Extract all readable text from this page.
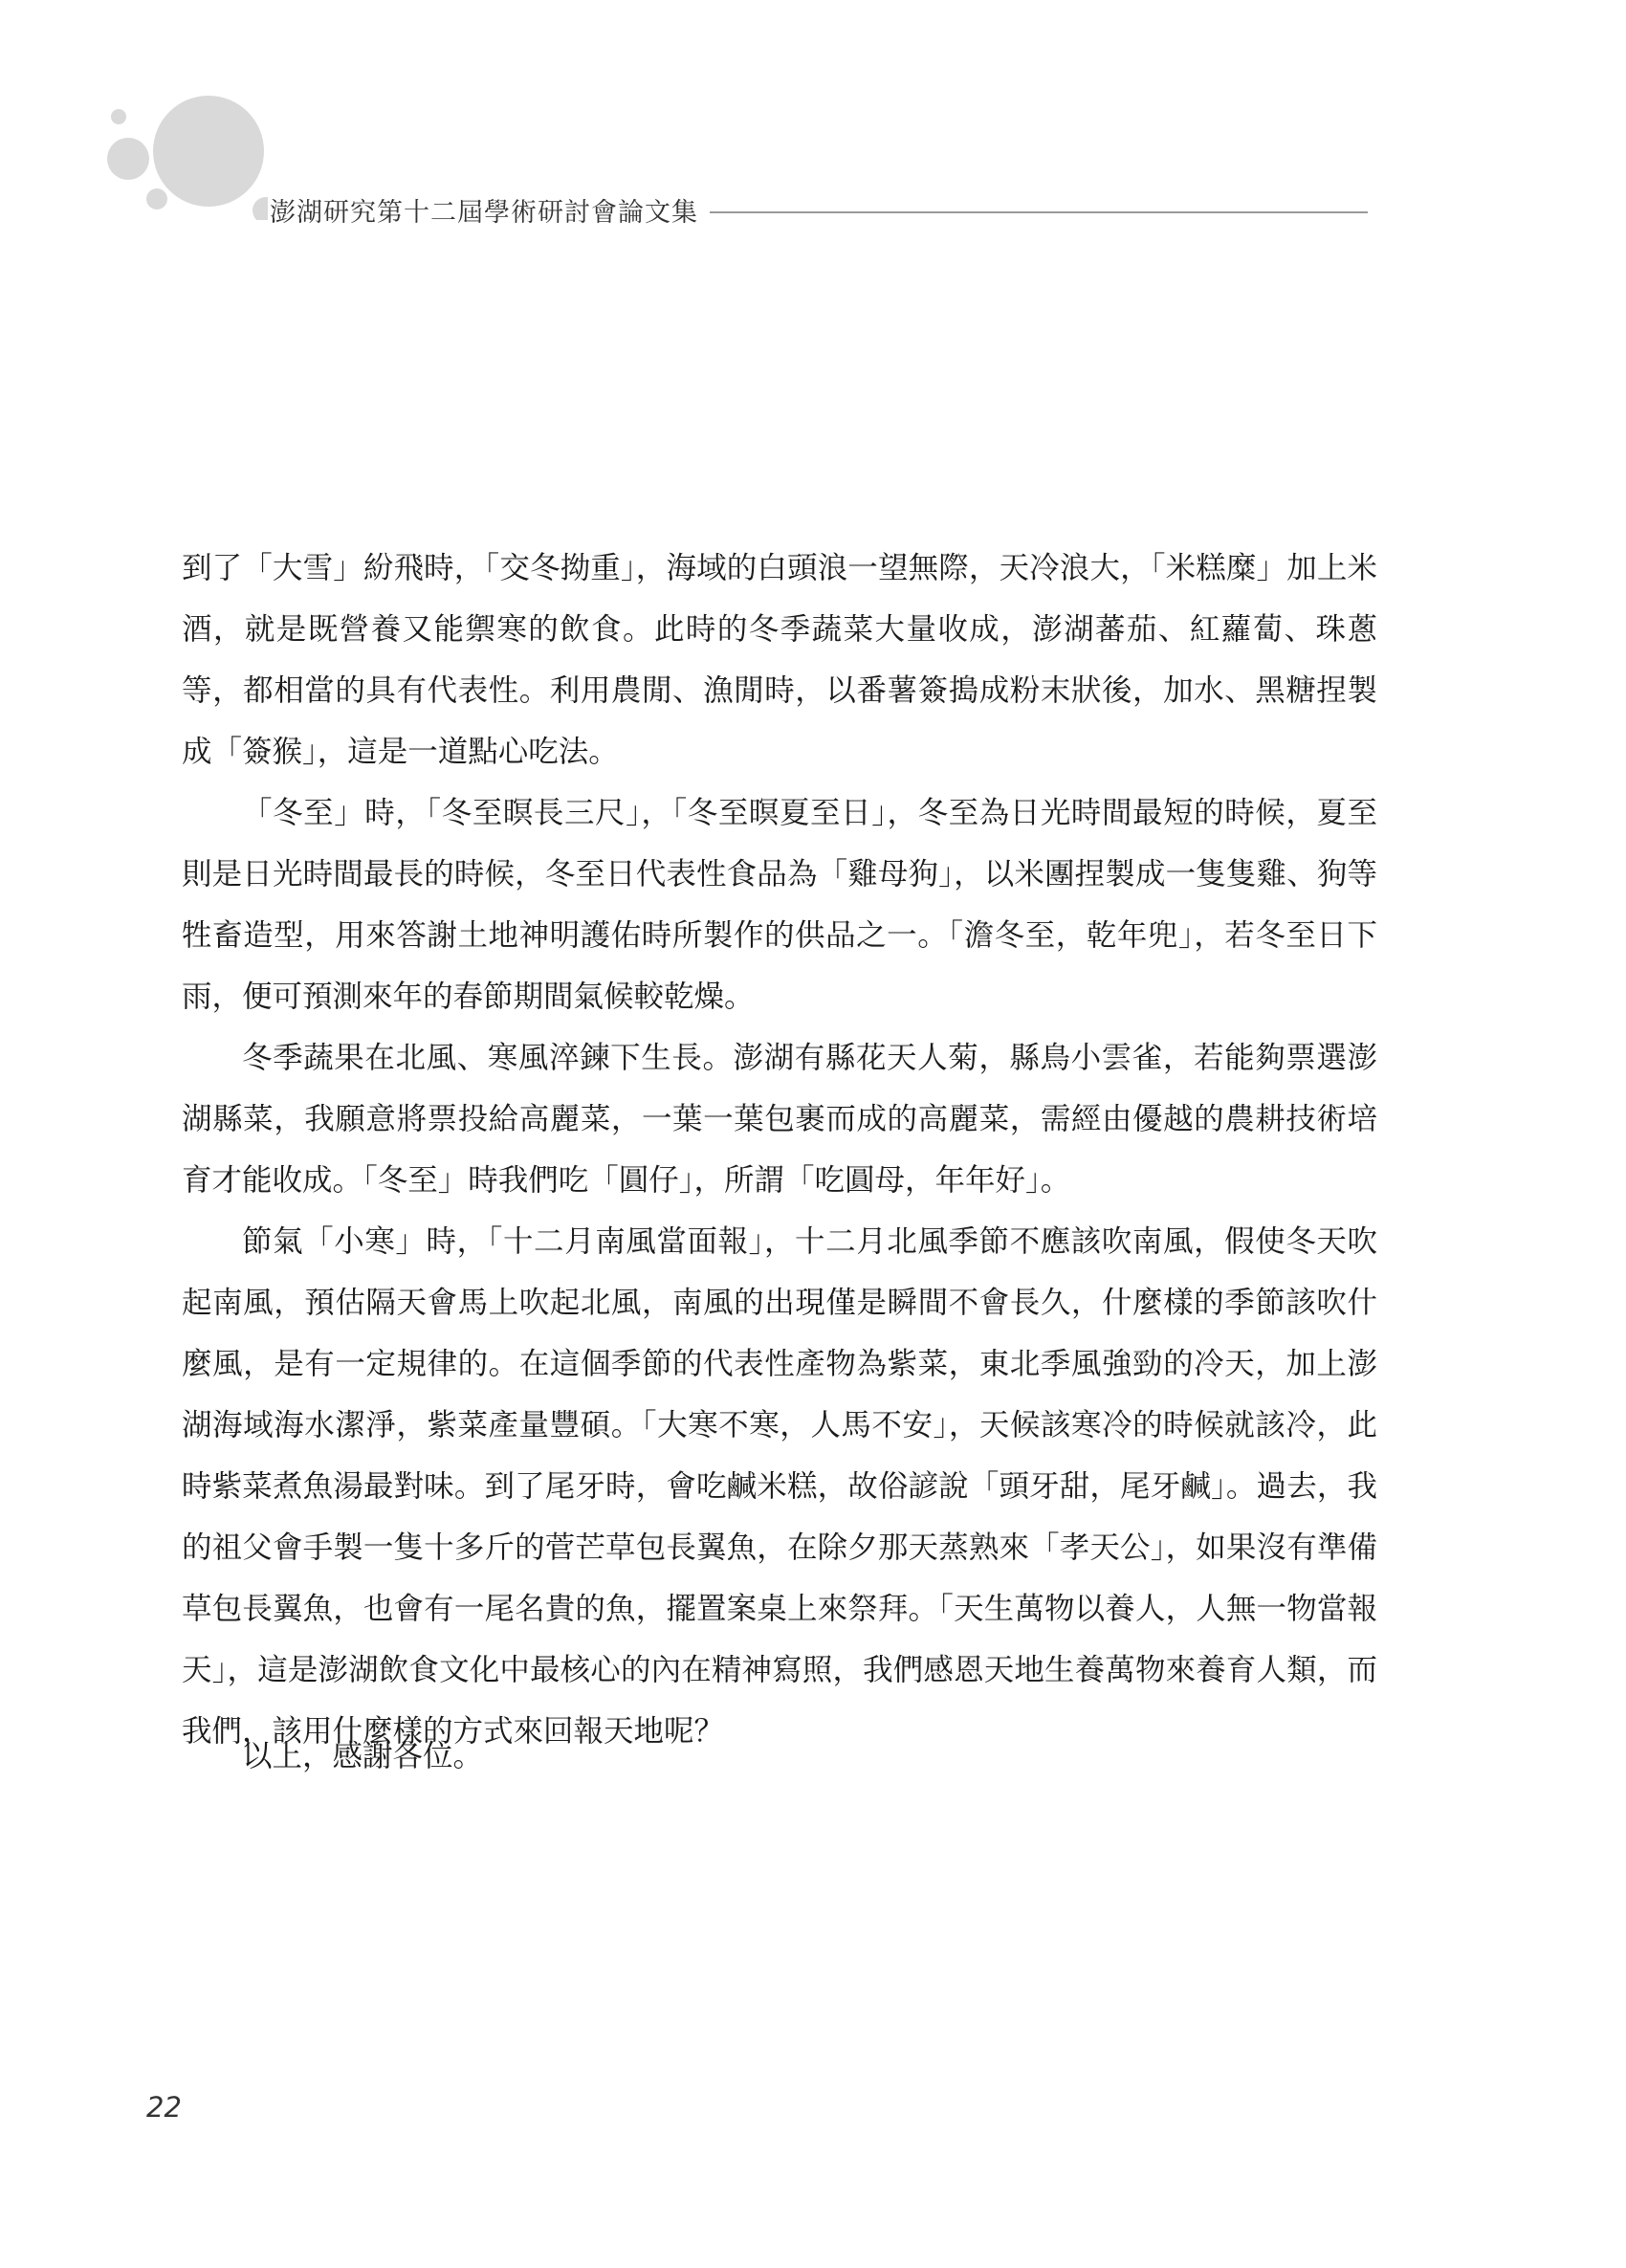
澎湖研究第十二屆學術研討會論文集

到了「大雪」紛飛時，「交冬拗重」，海域的白頭浪一望無際，天冷浪大，「米糕糜」加上米酒，就是既營養又能禦寒的飲食。此時的冬季蔬菜大量收成，澎湖蕃茄、紅蘿蔔、珠蔥等，都相當的具有代表性。利用農閒、漁閒時，以番薯簽搗成粉末狀後，加水、黑糖捏製成「簽猴」，這是一道點心吃法。

「冬至」時，「冬至暝長三尺」，「冬至暝夏至日」，冬至為日光時間最短的時候，夏至則是日光時間最長的時候，冬至日代表性食品為「雞母狗」，以米團捏製成一隻隻雞、狗等牲畜造型，用來答謝土地神明護佑時所製作的供品之一。「澹冬至，乾年兜」，若冬至日下雨，便可預測來年的春節期間氣候較乾燥。

冬季蔬果在北風、寒風淬鍊下生長。澎湖有縣花天人菊，縣鳥小雲雀，若能夠票選澎湖縣菜，我願意將票投給高麗菜，一葉一葉包裹而成的高麗菜，需經由優越的農耕技術培育才能收成。「冬至」時我們吃「圓仔」，所謂「吃圓母，年年好」。

節氣「小寒」時，「十二月南風當面報」，十二月北風季節不應該吹南風，假使冬天吹起南風，預估隔天會馬上吹起北風，南風的出現僅是瞬間不會長久，什麼樣的季節該吹什麼風，是有一定規律的。在這個季節的代表性產物為紫菜，東北季風強勁的冷天，加上澎湖海域海水潔淨，紫菜產量豐碩。「大寒不寒，人馬不安」，天候該寒冷的時候就該冷，此時紫菜煮魚湯最對味。到了尾牙時，會吃鹹米糕，故俗諺說「頭牙甜，尾牙鹹」。過去，我的祖父會手製一隻十多斤的菅芒草包長翼魚，在除夕那天蒸熟來「孝天公」，如果沒有準備草包長翼魚，也會有一尾名貴的魚，擺置案桌上來祭拜。「天生萬物以養人，人無一物當報天」，這是澎湖飲食文化中最核心的內在精神寫照，我們感恩天地生養萬物來養育人類，而我們，該用什麼樣的方式來回報天地呢？

以上，感謝各位。
22
